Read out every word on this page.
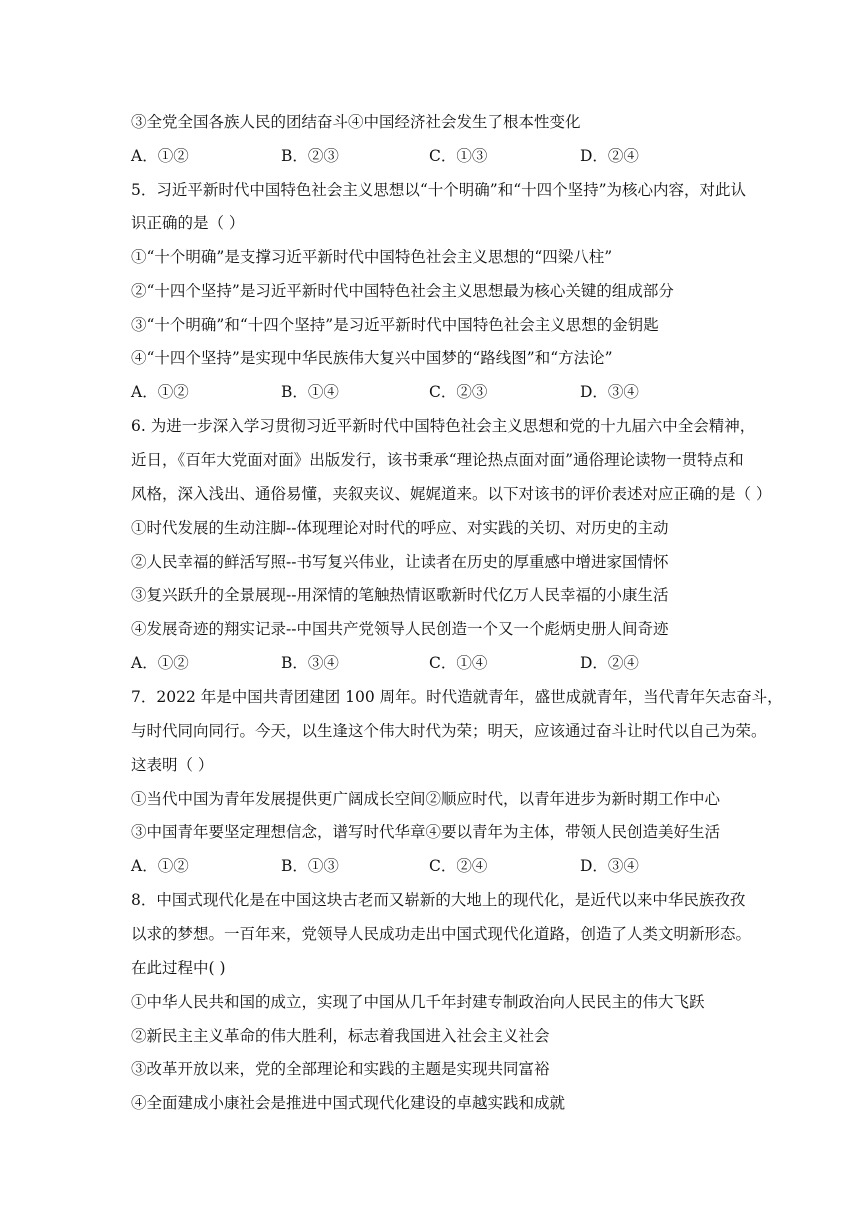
③全党全国各族人民的团结奋斗④中国经济社会发生了根本性变化
A．①②	B．②③	C．①③	D．②④
5．习近平新时代中国特色社会主义思想以“十个明确”和“十四个坚持”为核心内容，对此认
识正确的是（ ）
①“十个明确”是支撑习近平新时代中国特色社会主义思想的“四梁八柱”
②“十四个坚持”是习近平新时代中国特色社会主义思想最为核心关键的组成部分
③“十个明确”和“十四个坚持”是习近平新时代中国特色社会主义思想的金钥匙
④“十四个坚持”是实现中华民族伟大复兴中国梦的“路线图”和“方法论”
A．①②	B．①④	C．②③	D．③④
6. 为进一步深入学习贯彻习近平新时代中国特色社会主义思想和党的十九届六中全会精神，
近日，《百年大党面对面》出版发行，该书秉承“理论热点面对面”通俗理论读物一贯特点和
风格，深入浅出、通俗易懂，夹叙夹议、娓娓道来。以下对该书的评价表述对应正确的是（ ）
①时代发展的生动注脚--体现理论对时代的呼应、对实践的关切、对历史的主动
②人民幸福的鲜活写照--书写复兴伟业，让读者在历史的厚重感中增进家国情怀
③复兴跃升的全景展现--用深情的笔触热情讴歌新时代亿万人民幸福的小康生活
④发展奇迹的翔实记录--中国共产党领导人民创造一个又一个彪炳史册人间奇迹
A．①②	B．③④	C．①④	D．②④
7．2022 年是中国共青团建团 100 周年。时代造就青年，盛世成就青年，当代青年矢志奋斗，
与时代同向同行。今天，以生逢这个伟大时代为荣；明天，应该通过奋斗让时代以自己为荣。
这表明（ ）
①当代中国为青年发展提供更广阔成长空间②顺应时代，以青年进步为新时期工作中心
③中国青年要坚定理想信念，谱写时代华章④要以青年为主体，带领人民创造美好生活
A．①②	B．①③	C．②④	D．③④
8．中国式现代化是在中国这块古老而又崭新的大地上的现代化，是近代以来中华民族孜孜
以求的梦想。一百年来，党领导人民成功走出中国式现代化道路，创造了人类文明新形态。
在此过程中( )
①中华人民共和国的成立，实现了中国从几千年封建专制政治向人民民主的伟大飞跃
②新民主主义革命的伟大胜利，标志着我国进入社会主义社会
③改革开放以来，党的全部理论和实践的主题是实现共同富裕
④全面建成小康社会是推进中国式现代化建设的卓越实践和成就
